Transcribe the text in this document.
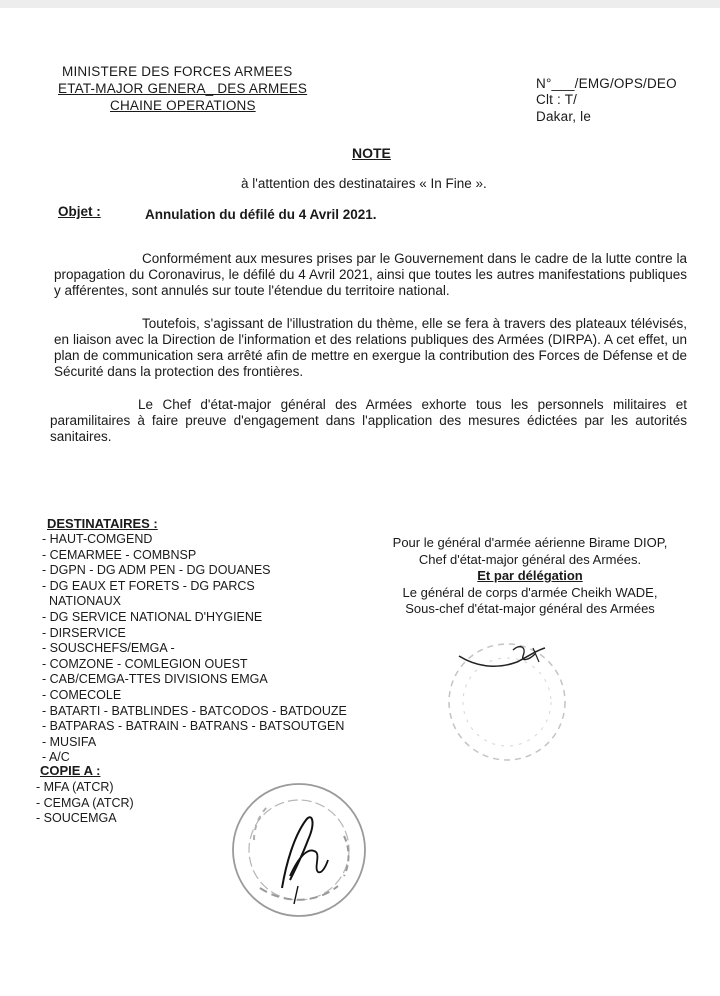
MINISTERE DES FORCES ARMEES
ETAT-MAJOR GENERA_ DES ARMEES
CHAINE OPERATIONS
N°___/EMG/OPS/DEO
Clt : T/
Dakar, le
NOTE
à l'attention des destinataires « In Fine ».
Objet :	Annulation du défilé du 4 Avril 2021.
Conformément aux mesures prises par le Gouvernement dans le cadre de la lutte contre la propagation du Coronavirus, le défilé du 4 Avril 2021, ainsi que toutes les autres manifestations publiques y afférentes, sont annulés sur toute l'étendue du territoire national.
Toutefois, s'agissant de l'illustration du thème, elle se fera à travers des plateaux télévisés, en liaison avec la Direction de l'information et des relations publiques des Armées (DIRPA). A cet effet, un plan de communication sera arrêté afin de mettre en exergue la contribution des Forces de Défense et de Sécurité dans la protection des frontières.
Le Chef d'état-major général des Armées exhorte tous les personnels militaires et paramilitaires à faire preuve d'engagement dans l'application des mesures édictées par les autorités sanitaires.
DESTINATAIRES :
- HAUT-COMGEND
- CEMARMEE - COMBNSP
- DGPN - DG ADM PEN - DG DOUANES
- DG EAUX ET FORETS - DG PARCS
NATIONAUX
- DG SERVICE NATIONAL D'HYGIENE
- DIRSERVICE
- SOUSCHEFS/EMGA -
- COMZONE - COMLEGION OUEST
- CAB/CEMGA-TTES DIVISIONS EMGA
- COMECOLE
- BATARTI - BATBLINDES - BATCODOS - BATDOUZE
- BATPARAS - BATRAIN - BATRANS - BATSOUTGEN
- MUSIFA
- A/C
COPIE A :
- MFA (ATCR)
- CEMGA (ATCR)
- SOUCEMGA
Pour le général d'armée aérienne Birame DIOP,
Chef d'état-major général des Armées.
Et par délégation
Le général de corps d'armée Cheikh WADE,
Sous-chef d'état-major général des Armées
